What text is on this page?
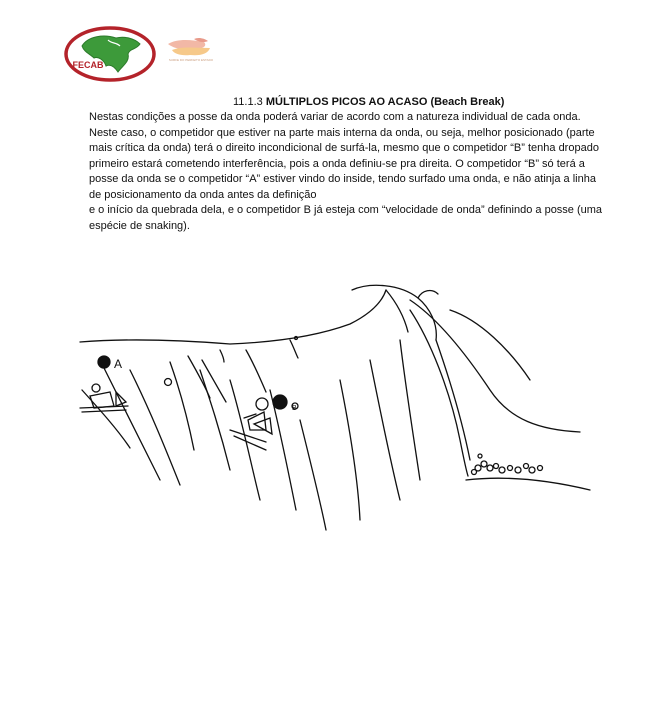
FECAB	SURFE DO PERFEITO ESTADO
11.1.3 MÚLTIPLOS PICOS AO ACASO (Beach Break)

Nestas condições a posse da onda poderá variar de acordo com a natureza individual de cada onda. Neste caso, o competidor que estiver na parte mais interna da onda, ou seja, melhor posicionado (parte mais crítica da onda) terá o direito incondicional de surfá-la, mesmo que o competidor “B” tenha dropado primeiro estará cometendo interferência, pois a onda definiu-se pra direita. O competidor “B” só terá a posse da onda se o competidor “A” estiver vindo do inside, tendo surfado uma onda, e não atinja a linha de posicionamento da onda antes da definição

e o início da quebrada dela, e o competidor B já esteja com “velocidade de onda” definindo a posse (uma espécie de snaking).

A
B
